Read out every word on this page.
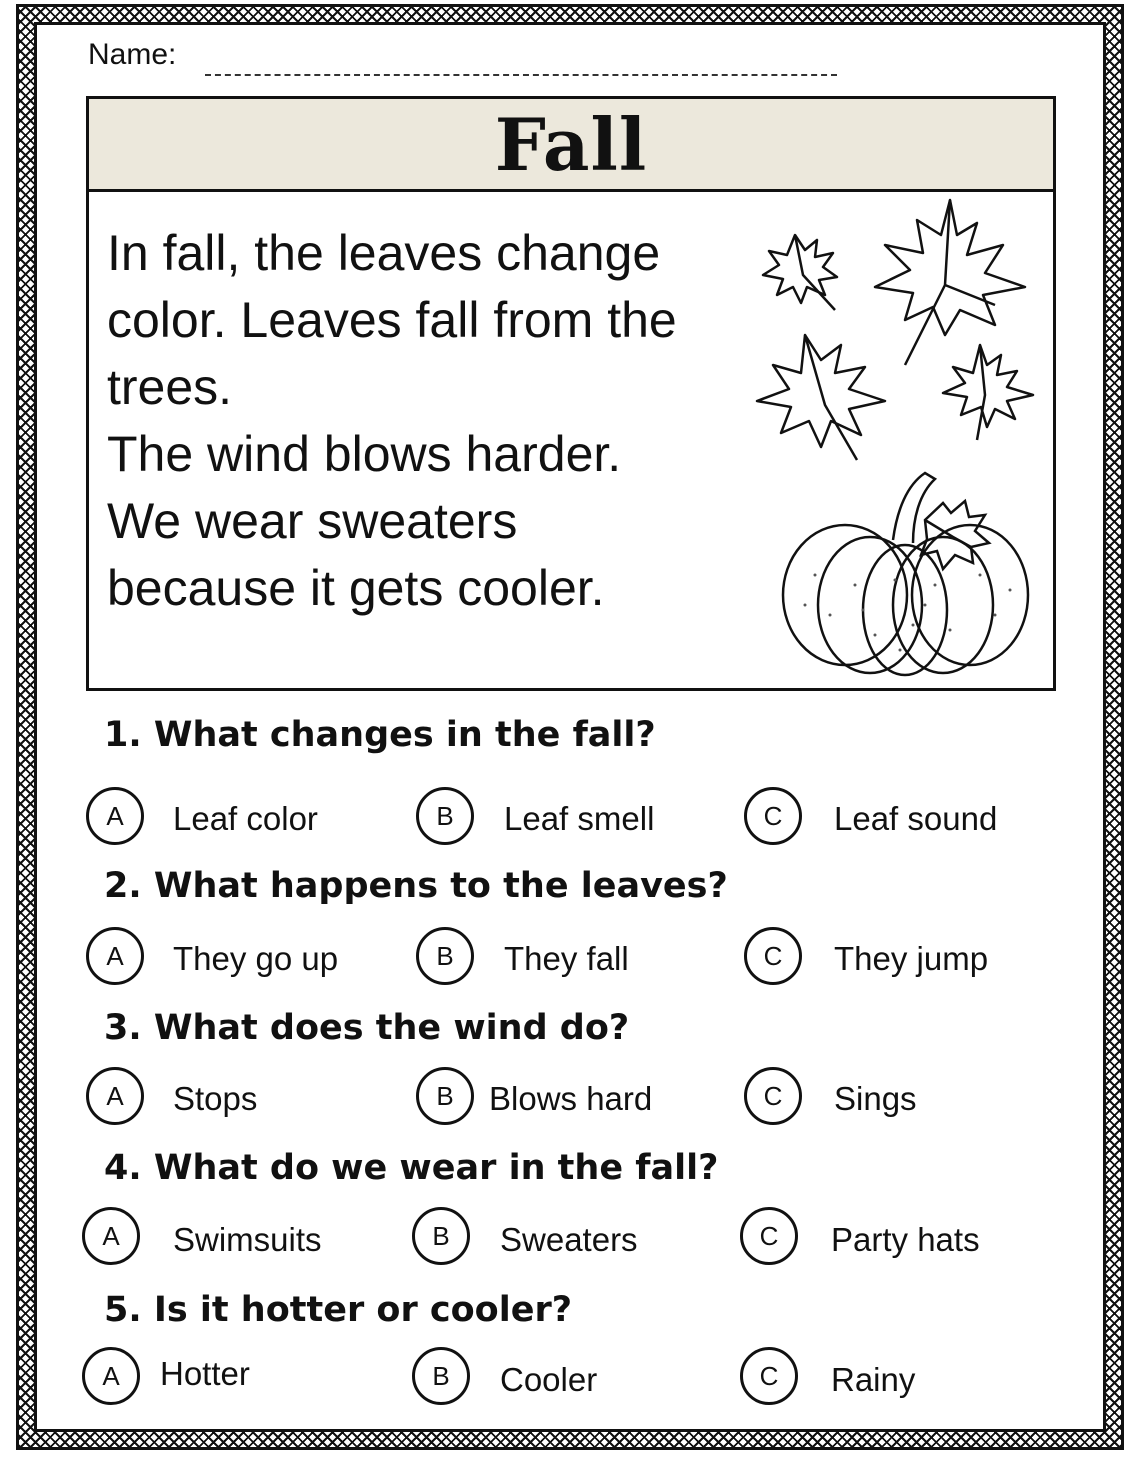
Name:
Fall
In fall, the leaves change
color. Leaves fall from the
trees.
The wind blows harder.
We wear sweaters
because it gets cooler.
1. What changes in the fall?
A	Leaf color	B	Leaf smell	C	Leaf sound
2. What happens to the leaves?
A	They go up	B	They fall	C	They jump
3. What does the wind do?
A	Stops	B	Blows hard	C	Sings
4. What do we wear in the fall?
A	Swimsuits	B	Sweaters	C	Party hats
5. Is it hotter or cooler?
A	Hotter	B	Cooler	C	Rainy
